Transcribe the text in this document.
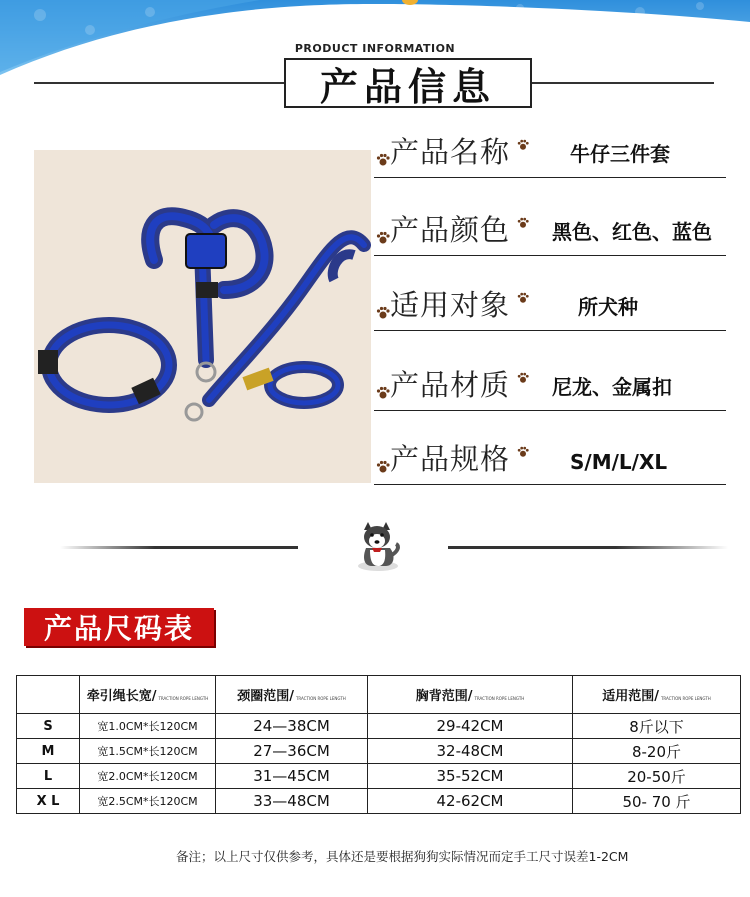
PRODUCT INFORMATION
产品信息
产品名称	牛仔三件套
产品颜色 黑色、红色、蓝色
适用对象	所犬种
产品材质 尼龙、金属扣
产品规格	S/M/L/XL
产品尺码表
	牵引绳长宽/ TRACTION ROPE LENGTH	颈圈范围/ TRACTION ROPE LENGTH	胸背范围/ TRACTION ROPE LENGTH	适用范围/ TRACTION ROPE LENGTH
S	宽1.0CM*长120CM	24—38CM	29-42CM	8斤以下
M	宽1.5CM*长120CM	27—36CM	32-48CM	8-20斤
L	宽2.0CM*长120CM	31—45CM	35-52CM	20-50斤
X L	宽2.5CM*长120CM	33—48CM	42-62CM	50- 70 斤
备注；以上尺寸仅供参考，具体还是要根据狗狗实际情况而定手工尺寸误差1-2CM
